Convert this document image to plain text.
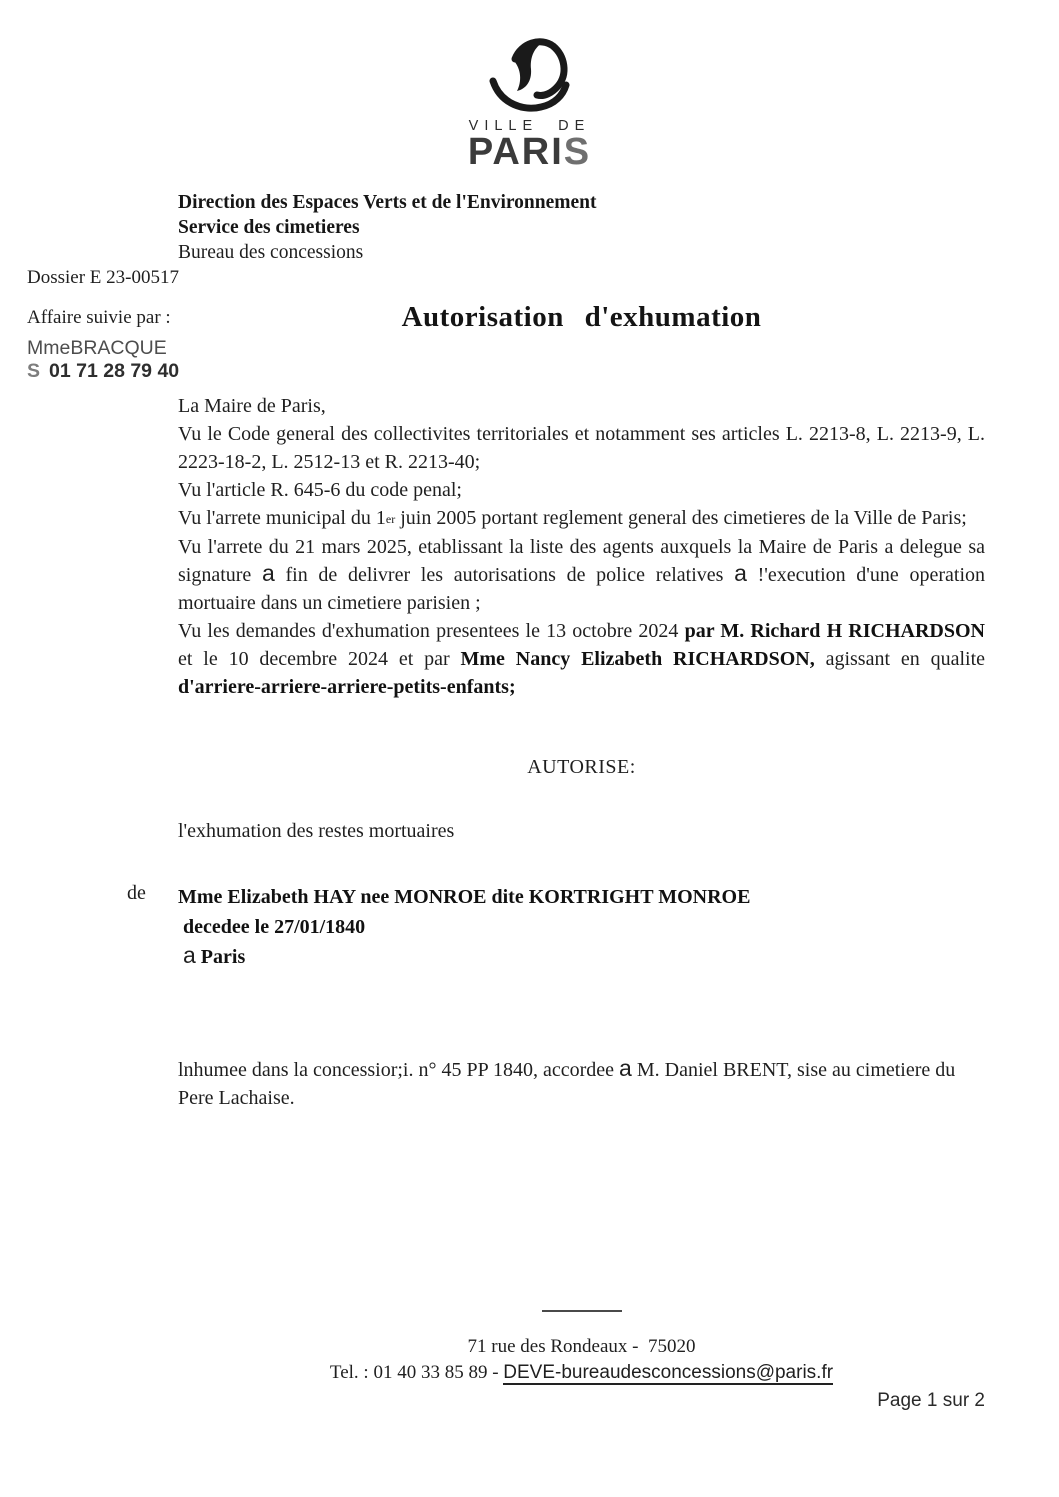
VILLE DE
PARIS
Direction des Espaces Verts et de l'Environnement
Service des cimetieres
Bureau des concessions
Dossier E 23-00517
Affaire suivie par :
MmeBRACQUE
S 01 71 28 79 40
Autorisation d'exhumation

La Maire de Paris,

Vu le Code general des collectivites territoriales et notamment ses articles L. 2213-8, L. 2213-9, L. 2223-18-2, L. 2512-13 et R. 2213-40;

Vu l'article R. 645-6 du code penal;

Vu l'arrete municipal du 1er juin 2005 portant reglement general des cimetieres de la Ville de Paris;

Vu l'arrete du 21 mars 2025, etablissant la liste des agents auxquels la Maire de Paris a delegue sa signature a fin de delivrer les autorisations de police relatives a !'execution d'une operation mortuaire dans un cimetiere parisien ;

Vu les demandes d'exhumation presentees le 13 octobre 2024 par M. Richard H RICHARDSON et le 10 decembre 2024 et par Mme Nancy Elizabeth RICHARDSON, agissant en qualite d'arriere-arriere-arriere-petits-enfants;

AUTORISE:
l'exhumation des restes mortuaires
de Mme Elizabeth HAY nee MONROE dite KORTRIGHT MONROE
decedee le 27/01/1840
a Paris
lnhumee dans la concessior;i. n° 45 PP 1840, accordee a M. Daniel BRENT, sise au cimetiere du Pere Lachaise.
71 rue des Rondeaux -  75020
Tel. : 01 40 33 85 89 - DEVE-bureaudesconcessions@paris.fr
Page 1 sur 2
